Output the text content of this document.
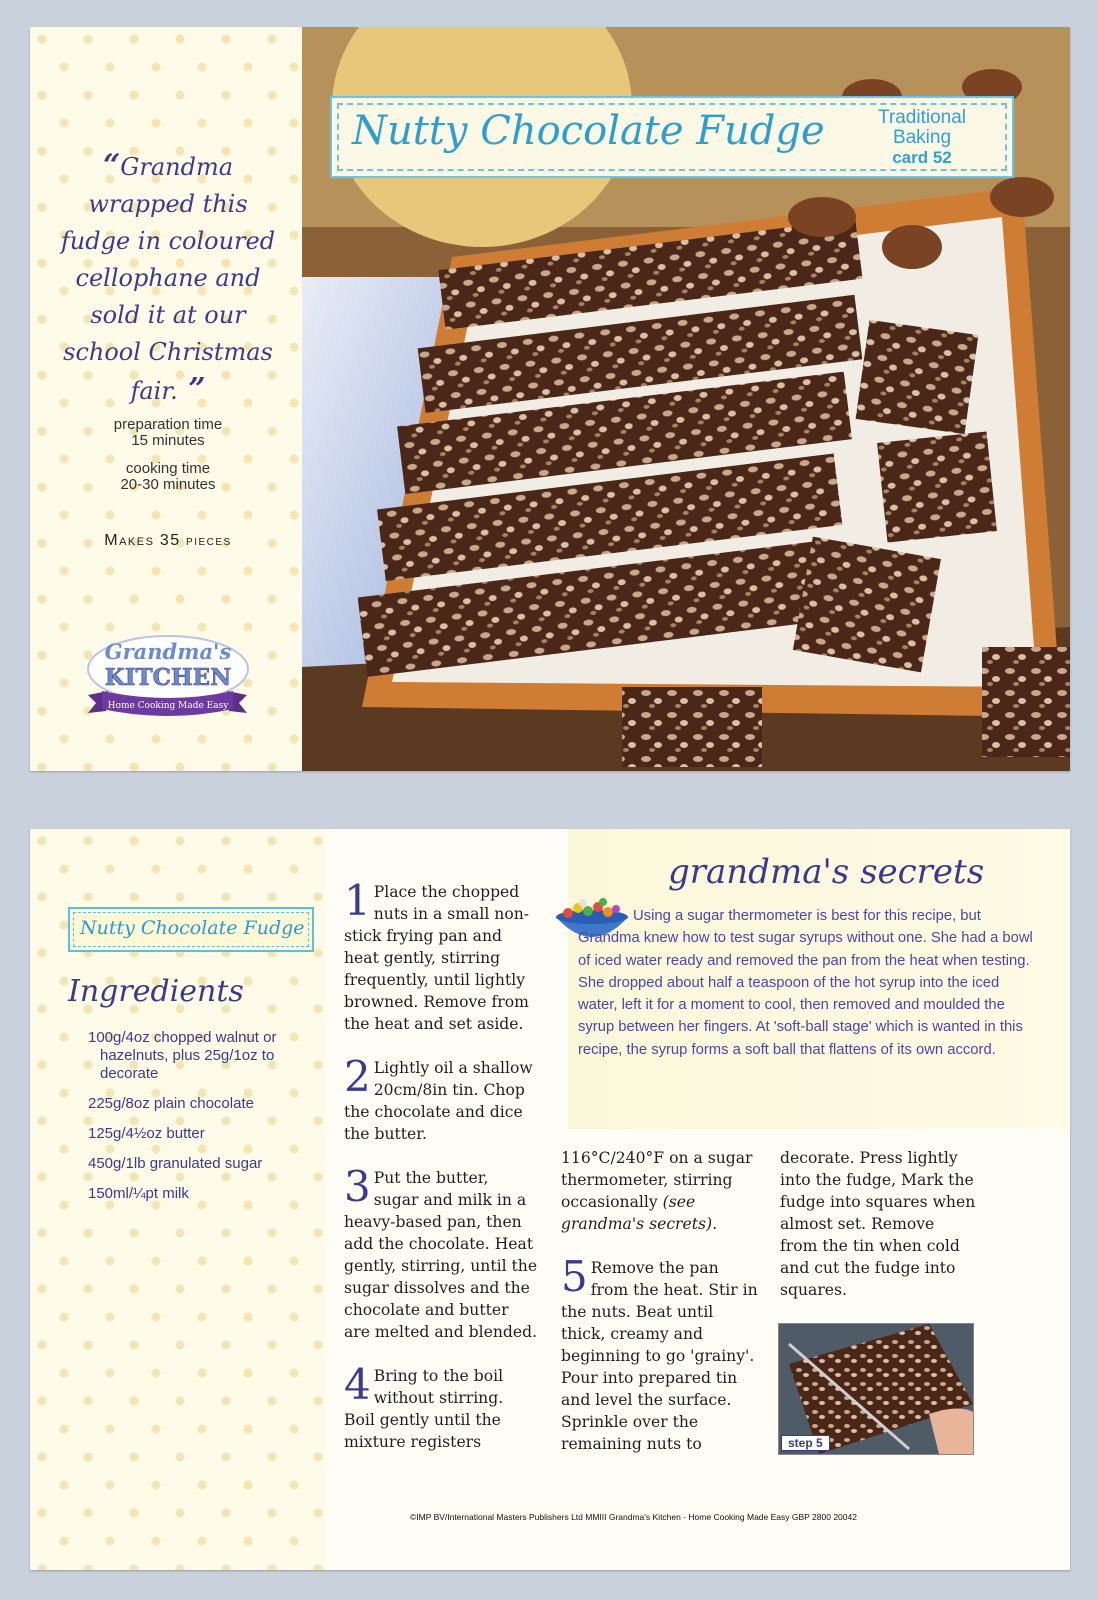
“Grandma wrapped this fudge in coloured cellophane and sold it at our school Christmas fair. ”
preparation time
15 minutes
cooking time
20-30 minutes
Makes 35 pieces
Grandma's
KITCHEN
Home Cooking Made Easy
Nutty Chocolate Fudge	Traditional
Baking
card 52
Nutty Chocolate Fudge
Ingredients
100g/4oz chopped walnut or hazelnuts, plus 25g/1oz to decorate
225g/8oz plain chocolate
125g/4½oz butter
450g/1lb granulated sugar
150ml/¼pt milk
1 Place the chopped nuts in a small non-stick frying pan and heat gently, stirring frequently, until lightly browned. Remove from the heat and set aside.
2 Lightly oil a shallow 20cm/8in tin. Chop the chocolate and dice the butter.
3 Put the butter, sugar and milk in a heavy-based pan, then add the chocolate. Heat gently, stirring, until the sugar dissolves and the chocolate and butter are melted and blended.
4 Bring to the boil without stirring. Boil gently until the mixture registers
grandma's secrets
Using a sugar thermometer is best for this recipe, but Grandma knew how to test sugar syrups without one. She had a bowl of iced water ready and removed the pan from the heat when testing. She dropped about half a teaspoon of the hot syrup into the iced water, left it for a moment to cool, then removed and moulded the syrup between her fingers. At 'soft-ball stage' which is wanted in this recipe, the syrup forms a soft ball that flattens of its own accord.
116°C/240°F on a sugar thermometer, stirring occasionally (see grandma's secrets).
5 Remove the pan from the heat. Stir in the nuts. Beat until thick, creamy and beginning to go 'grainy'. Pour into prepared tin and level the surface. Sprinkle over the remaining nuts to
decorate. Press lightly into the fudge, Mark the fudge into squares when almost set. Remove from the tin when cold and cut the fudge into squares.
step 5
©IMP BV/International Masters Publishers Ltd MMIII Grandma's Kitchen - Home Cooking Made Easy GBP 2800 20042
